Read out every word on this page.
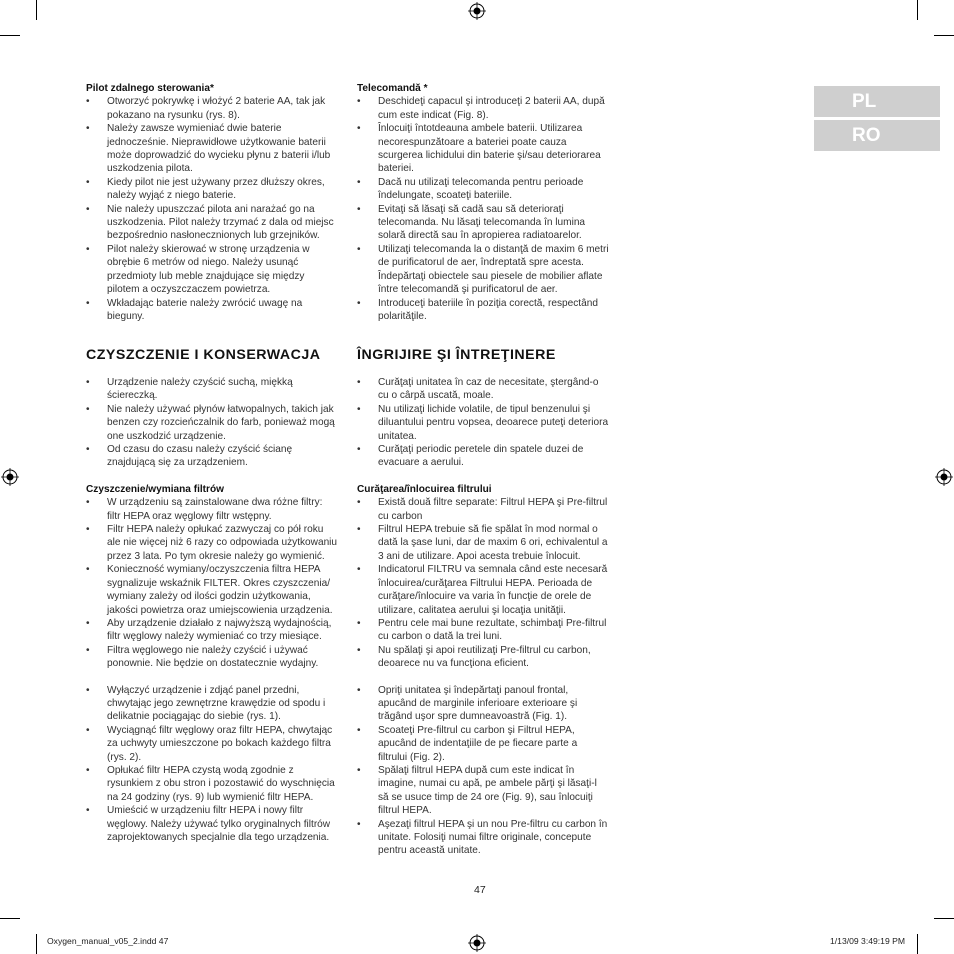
PL
RO

Pilot zdalnego sterowania*

• Otworzyć pokrywkę i włożyć 2 baterie AA, tak jak pokazano na rysunku (rys. 8).
• Należy zawsze wymieniać dwie baterie jednocześnie. Nieprawidłowe użytkowanie baterii może doprowadzić do wycieku płynu z baterii i/lub uszkodzenia pilota.
• Kiedy pilot nie jest używany przez dłuższy okres, należy wyjąć z niego baterie.
• Nie należy upuszczać pilota ani narażać go na uszkodzenia. Pilot należy trzymać z dala od miejsc bezpośrednio nasłonecznionych lub grzejników.
• Pilot należy skierować w stronę urządzenia w obrębie 6 metrów od niego. Należy usunąć przedmioty lub meble znajdujące się między pilotem a oczyszczaczem powietrza.
• Wkładając baterie należy zwrócić uwagę na bieguny.
CZYSZCZENIE I KONSERWACJA
• Urządzenie należy czyścić suchą, miękką ściereczką.
• Nie należy używać płynów łatwopalnych, takich jak benzen czy rozcieńczalnik do farb, ponieważ mogą one uszkodzić urządzenie.
• Od czasu do czasu należy czyścić ścianę znajdującą się za urządzeniem.

Czyszczenie/wymiana filtrów

• W urządzeniu są zainstalowane dwa różne filtry: filtr HEPA oraz węglowy filtr wstępny.
• Filtr HEPA należy opłukać zazwyczaj co pół roku ale nie więcej niż 6 razy co odpowiada użytkowaniu przez 3 lata. Po tym okresie należy go wymienić.
• Konieczność wymiany/oczyszczenia filtra HEPA sygnalizuje wskaźnik FILTER. Okres czyszczenia/ wymiany zależy od ilości godzin użytkowania, jakości powietrza oraz umiejscowienia urządzenia.
• Aby urządzenie działało z najwyższą wydajnością, filtr węglowy należy wymieniać co trzy miesiące.
• Filtra węglowego nie należy czyścić i używać ponownie. Nie będzie on dostatecznie wydajny.
• Wyłączyć urządzenie i zdjąć panel przedni, chwytając jego zewnętrzne krawędzie od spodu i delikatnie pociągając do siebie (rys. 1).
• Wyciągnąć filtr węglowy oraz filtr HEPA, chwytając za uchwyty umieszczone po bokach każdego filtra (rys. 2).
• Opłukać filtr HEPA czystą wodą zgodnie z rysunkiem z obu stron i pozostawić do wyschnięcia na 24 godziny (rys. 9) lub wymienić filtr HEPA.
• Umieścić w urządzeniu filtr HEPA i nowy filtr węglowy. Należy używać tylko oryginalnych filtrów zaprojektowanych specjalnie dla tego urządzenia.

Telecomandă *

• Deschideţi capacul şi introduceţi 2 baterii AA, după cum este indicat (Fig. 8).
• Înlocuiţi întotdeauna ambele baterii. Utilizarea necorespunzătoare a bateriei poate cauza scurgerea lichidului din baterie şi/sau deteriorarea bateriei.
• Dacă nu utilizaţi telecomanda pentru perioade îndelungate, scoateţi bateriile.
• Evitaţi să lăsaţi să cadă sau să deterioraţi telecomanda. Nu lăsaţi telecomanda în lumina solară directă sau în apropierea radiatoarelor.
• Utilizaţi telecomanda la o distanţă de maxim 6 metri de purificatorul de aer, îndreptată spre acesta. Îndepărtaţi obiectele sau piesele de mobilier aflate între telecomandă şi purificatorul de aer.
• Introduceţi bateriile în poziţia corectă, respectând polarităţile.
ÎNGRIJIRE ŞI ÎNTREŢINERE
• Curăţaţi unitatea în caz de necesitate, ştergând-o cu o cârpă uscată, moale.
• Nu utilizaţi lichide volatile, de tipul benzenului şi diluantului pentru vopsea, deoarece puteţi deteriora unitatea.
• Curăţaţi periodic peretele din spatele duzei de evacuare a aerului.

Curăţarea/înlocuirea filtrului

• Există două filtre separate: Filtrul HEPA şi Pre-filtrul cu carbon
• Filtrul HEPA trebuie să fie spălat în mod normal o dată la şase luni, dar de maxim 6 ori, echivalentul a 3 ani de utilizare. Apoi acesta trebuie înlocuit.
• Indicatorul FILTRU va semnala când este necesară înlocuirea/curăţarea Filtrului HEPA. Perioada de curăţare/înlocuire va varia în funcţie de orele de utilizare, calitatea aerului şi locaţia unităţii.
• Pentru cele mai bune rezultate, schimbaţi Pre-filtrul cu carbon o dată la trei luni.
• Nu spălaţi şi apoi reutilizaţi Pre-filtrul cu carbon, deoarece nu va funcţiona eficient.
• Opriţi unitatea şi îndepărtaţi panoul frontal, apucând de marginile inferioare exterioare şi trăgând uşor spre dumneavoastră (Fig. 1).
• Scoateţi Pre-filtrul cu carbon şi Filtrul HEPA, apucând de indentaţiile de pe fiecare parte a filtrului (Fig. 2).
• Spălaţi filtrul HEPA după cum este indicat în imagine, numai cu apă, pe ambele părţi şi lăsaţi-l să se usuce timp de 24 ore (Fig. 9), sau înlocuiţi filtrul HEPA.
• Aşezaţi filtrul HEPA şi un nou Pre-filtru cu carbon în unitate. Folosiţi numai filtre originale, concepute pentru această unitate.
47
Oxygen_manual_v05_2.indd 47	1/13/09 3:49:19 PM
